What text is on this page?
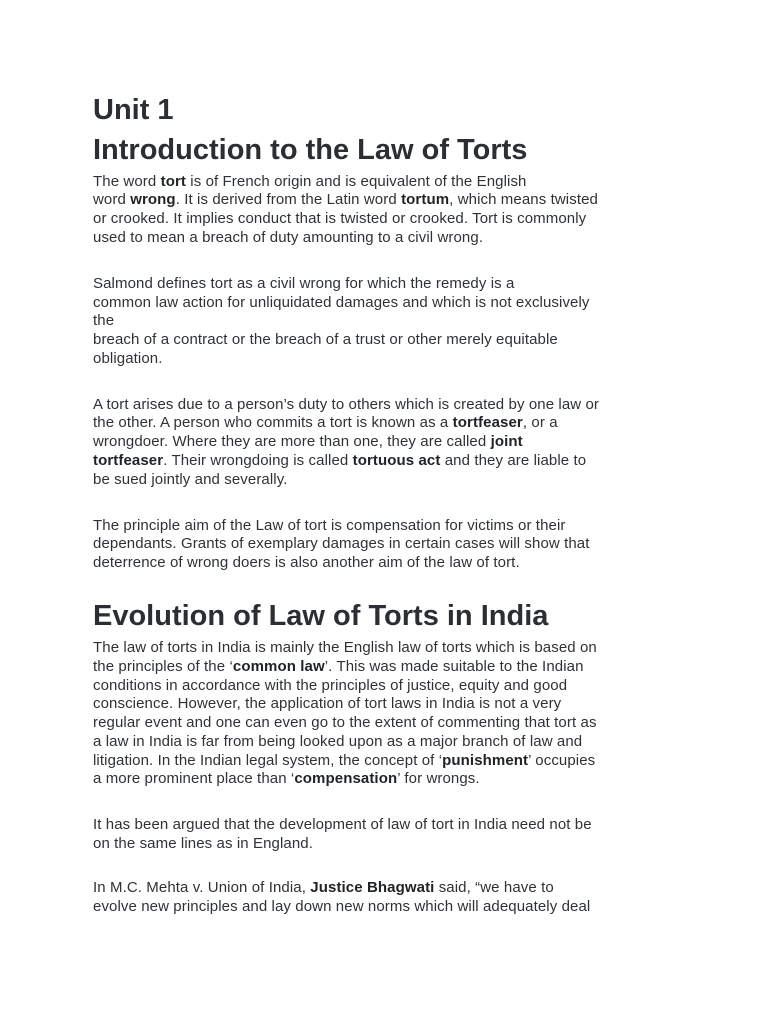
Unit 1
Introduction to the Law of Torts
The word tort is of French origin and is equivalent of the English
word wrong. It is derived from the Latin word tortum, which means twisted
or crooked. It implies conduct that is twisted or crooked. Tort is commonly
used to mean a breach of duty amounting to a civil wrong.
Salmond defines tort as a civil wrong for which the remedy is a
common law action for unliquidated damages and which is not exclusively
the
breach of a contract or the breach of a trust or other merely equitable
obligation.
A tort arises due to a person’s duty to others which is created by one law or
the other. A person who commits a tort is known as a tortfeaser, or a
wrongdoer. Where they are more than one, they are called joint
tortfeaser. Their wrongdoing is called tortuous act and they are liable to
be sued jointly and severally.
The principle aim of the Law of tort is compensation for victims or their
dependants. Grants of exemplary damages in certain cases will show that
deterrence of wrong doers is also another aim of the law of tort.
Evolution of Law of Torts in India
The law of torts in India is mainly the English law of torts which is based on
the principles of the ‘common law’. This was made suitable to the Indian
conditions in accordance with the principles of justice, equity and good
conscience. However, the application of tort laws in India is not a very
regular event and one can even go to the extent of commenting that tort as
a law in India is far from being looked upon as a major branch of law and
litigation. In the Indian legal system, the concept of ‘punishment’ occupies
a more prominent place than ‘compensation’ for wrongs.
It has been argued that the development of law of tort in India need not be
on the same lines as in England.
In M.C. Mehta v. Union of India, Justice Bhagwati said, “we have to
evolve new principles and lay down new norms which will adequately deal
